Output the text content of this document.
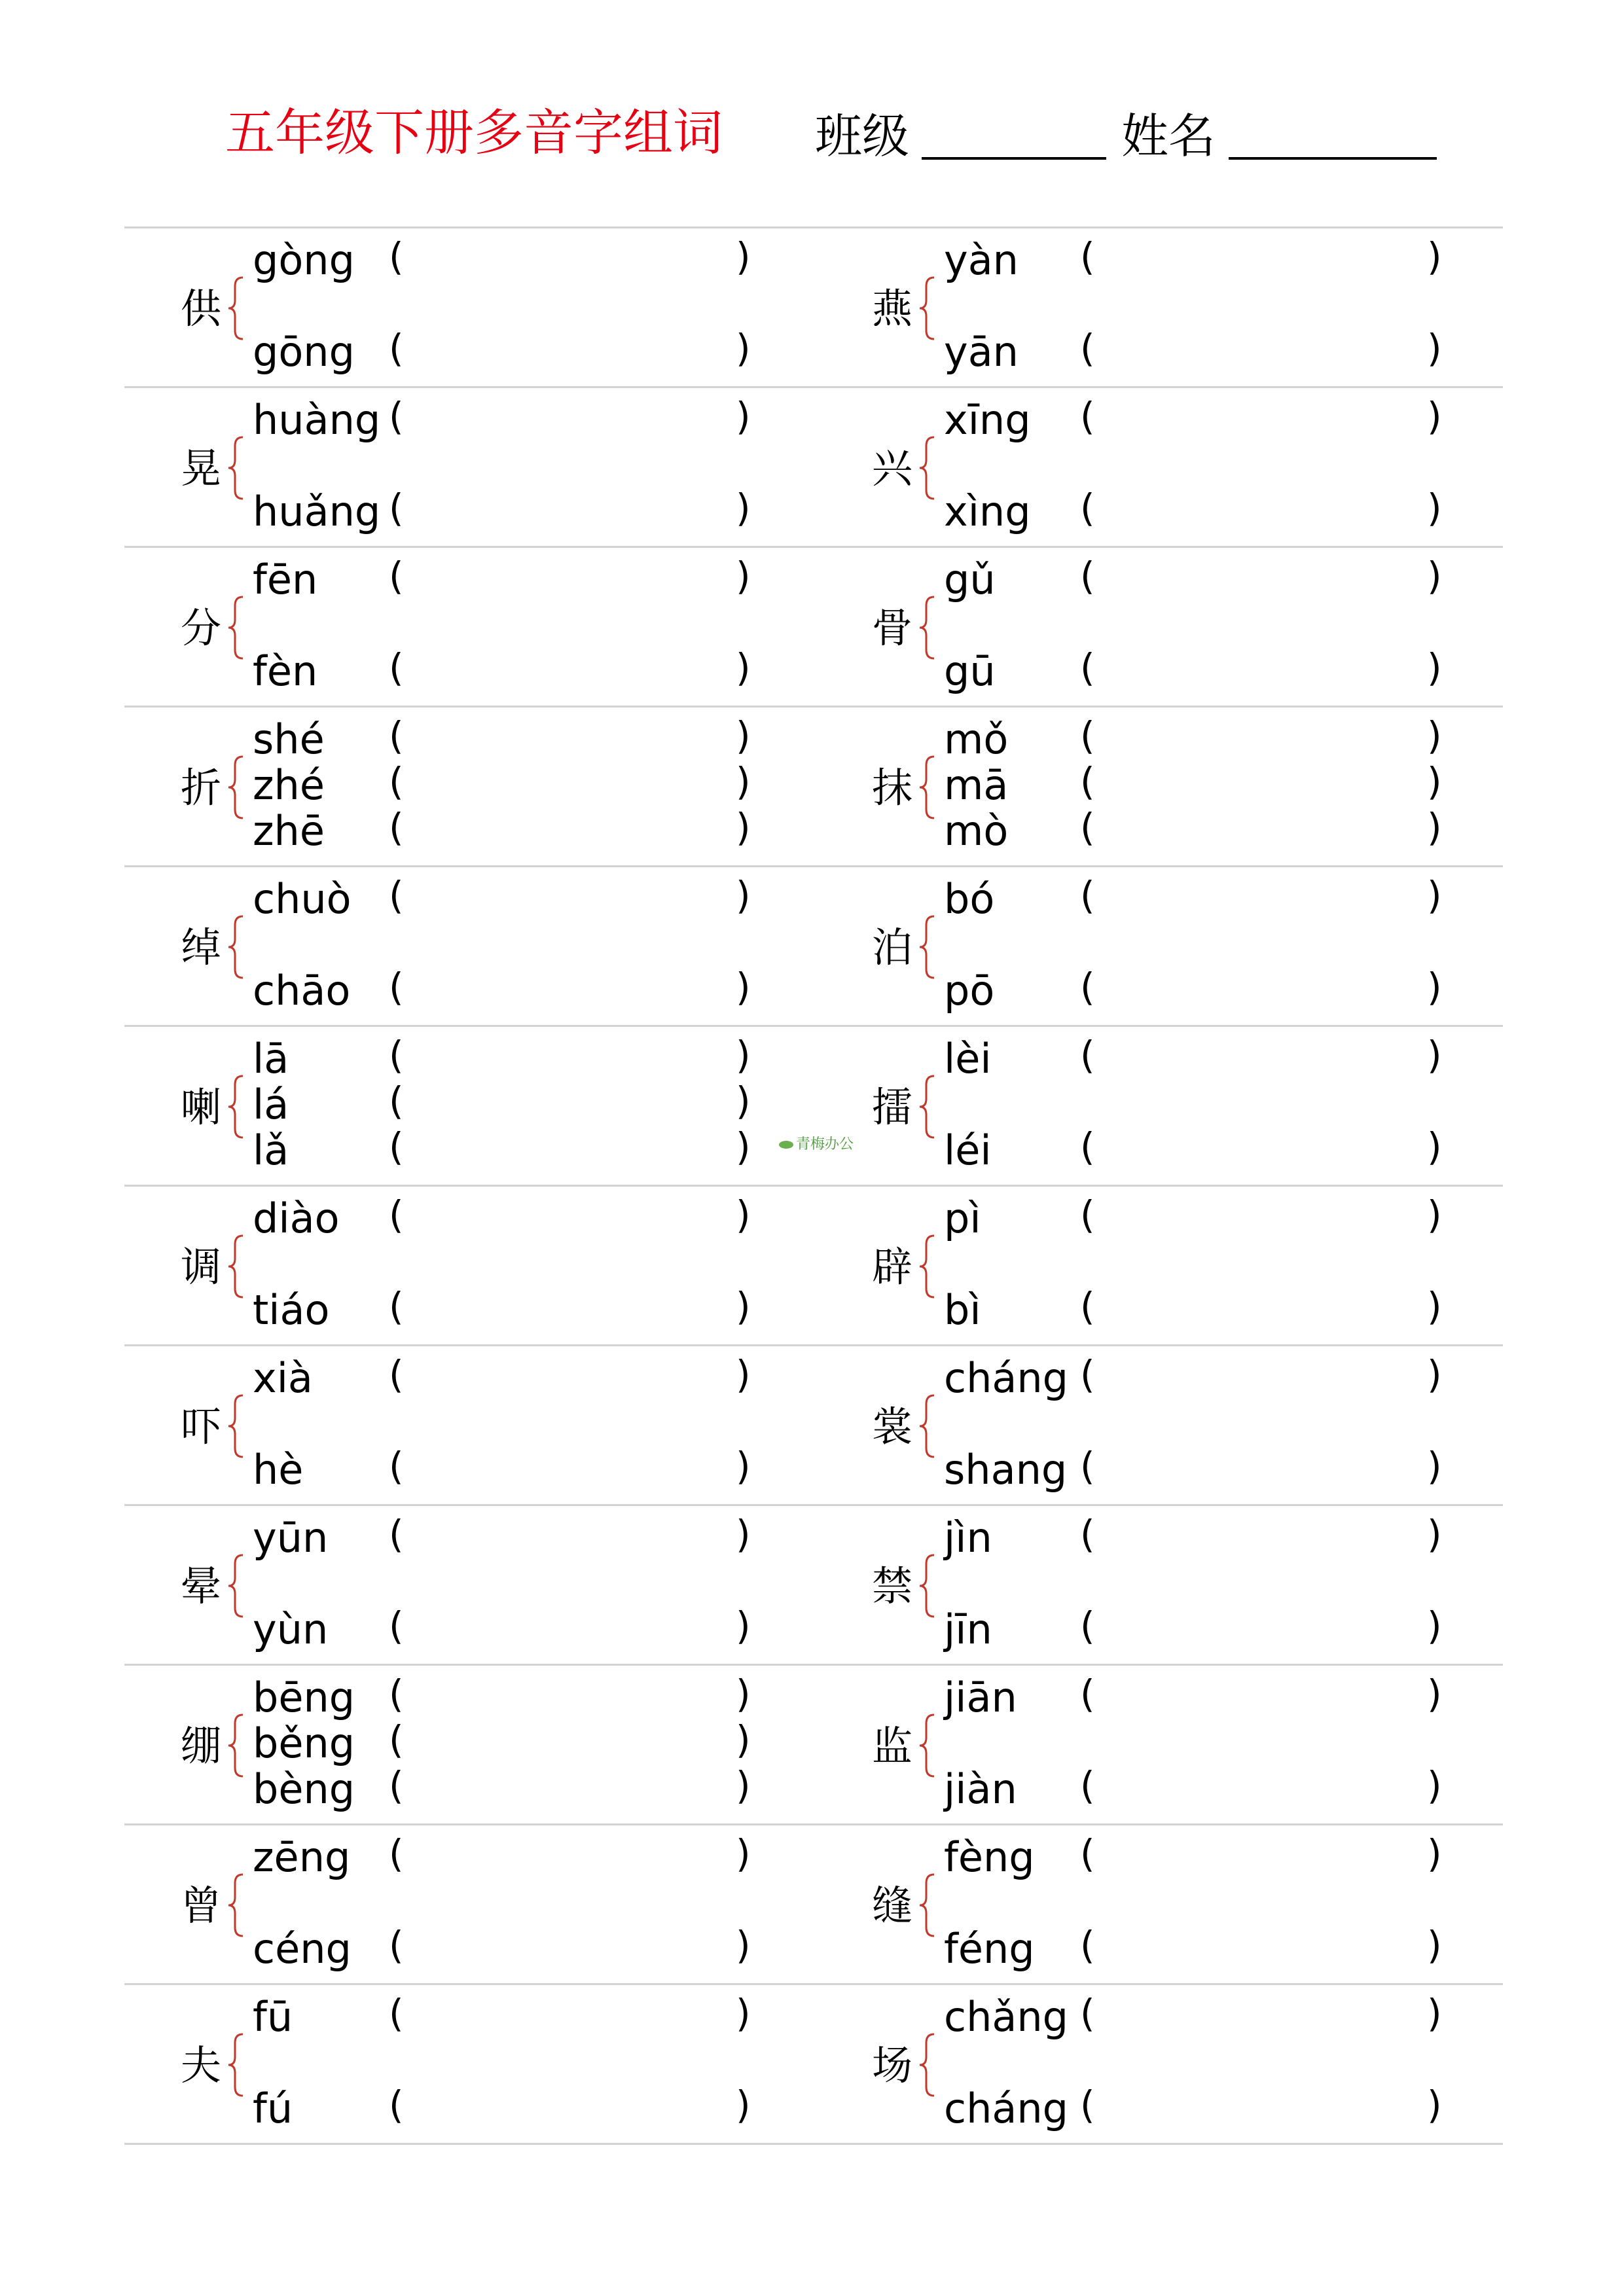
五年级下册多音字组词 班级	姓名
供
gòng (	)
gōng (	)
燕
yàn (	)
yān (	)
晃
huàng (	)
huǎng (	)
兴
xīng (	)
xìng (	)
分
fēn (	)
fèn (	)
骨
gǔ (	)
gū (	)
折
shé (	)
zhé (	)
zhē (	)
抹
mǒ (	)
mā (	)
mò (	)
绰
chuò (	)
chāo (	)
泊
bó (	)
pō (	)
喇
lā	(	)
lá	(	)
lǎ	(	)
擂
lèi (	)
léi (	)
调
diào (	)
tiáo (	)
辟
pì	(	)
bì	(	)
吓
xià (	)
hè (	)
裳
cháng (	)
shang (	)
晕
yūn (	)
yùn (	)
禁
jìn (	)
jīn (	)
绷
bēng (	)
běng (	)
bèng (	)
监
jiān (	)
jiàn (	)
曾
zēng (	)
céng (	)
缝
fèng (	)
féng (	)
夫
fū	(	)
fú	(	)
场
chǎng (	)
cháng (	)
青梅办公
